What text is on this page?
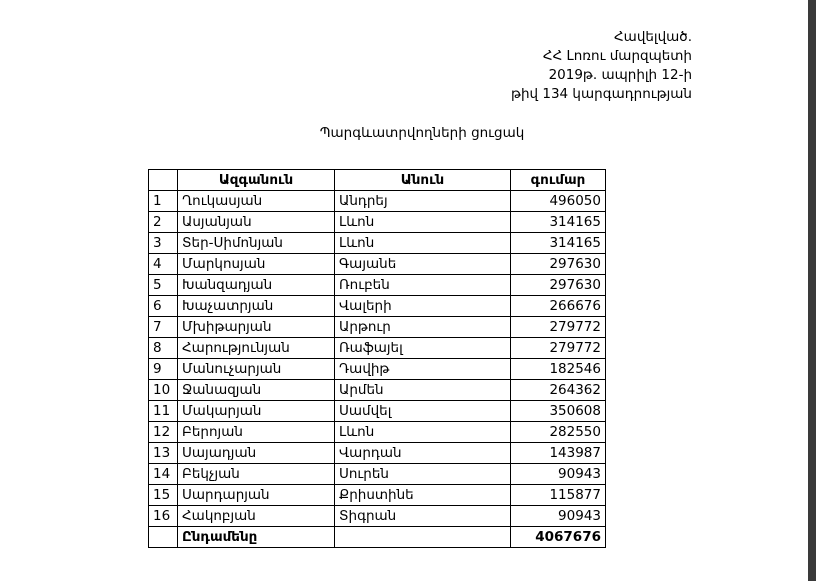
Հավելված.
ՀՀ Լոռու մարզպետի
2019թ. ապրիլի 12-ի
թիվ 134 կարգադրության
Պարգևատրվողների ցուցակ
	Ազգանուն	Անուն	գումար
1	Ղուկասյան	Անդրեյ	496050
2	Ասյանյան	Լևոն	314165
3	Տեր-Սիմոնյան	Լևոն	314165
4	Մարկոսյան	Գայանե	297630
5	Խանզադյան	Ռուբեն	297630
6	Խաչատրյան	Վալերի	266676
7	Մխիթարյան	Արթուր	279772
8	Հարությունյան	Ռաֆայել	279772
9	Մանուչարյան	Դավիթ	182546
10	Ջանազյան	Արմեն	264362
11	Մակարյան	Սամվել	350608
12	Բերոյան	Լևոն	282550
13	Սայադյան	Վարդան	143987
14	Բեկչյան	Սուրեն	90943
15	Սարդարյան	Քրիստինե	115877
16	Հակոբյան	Տիգրան	90943
	Ընդամենը		4067676
